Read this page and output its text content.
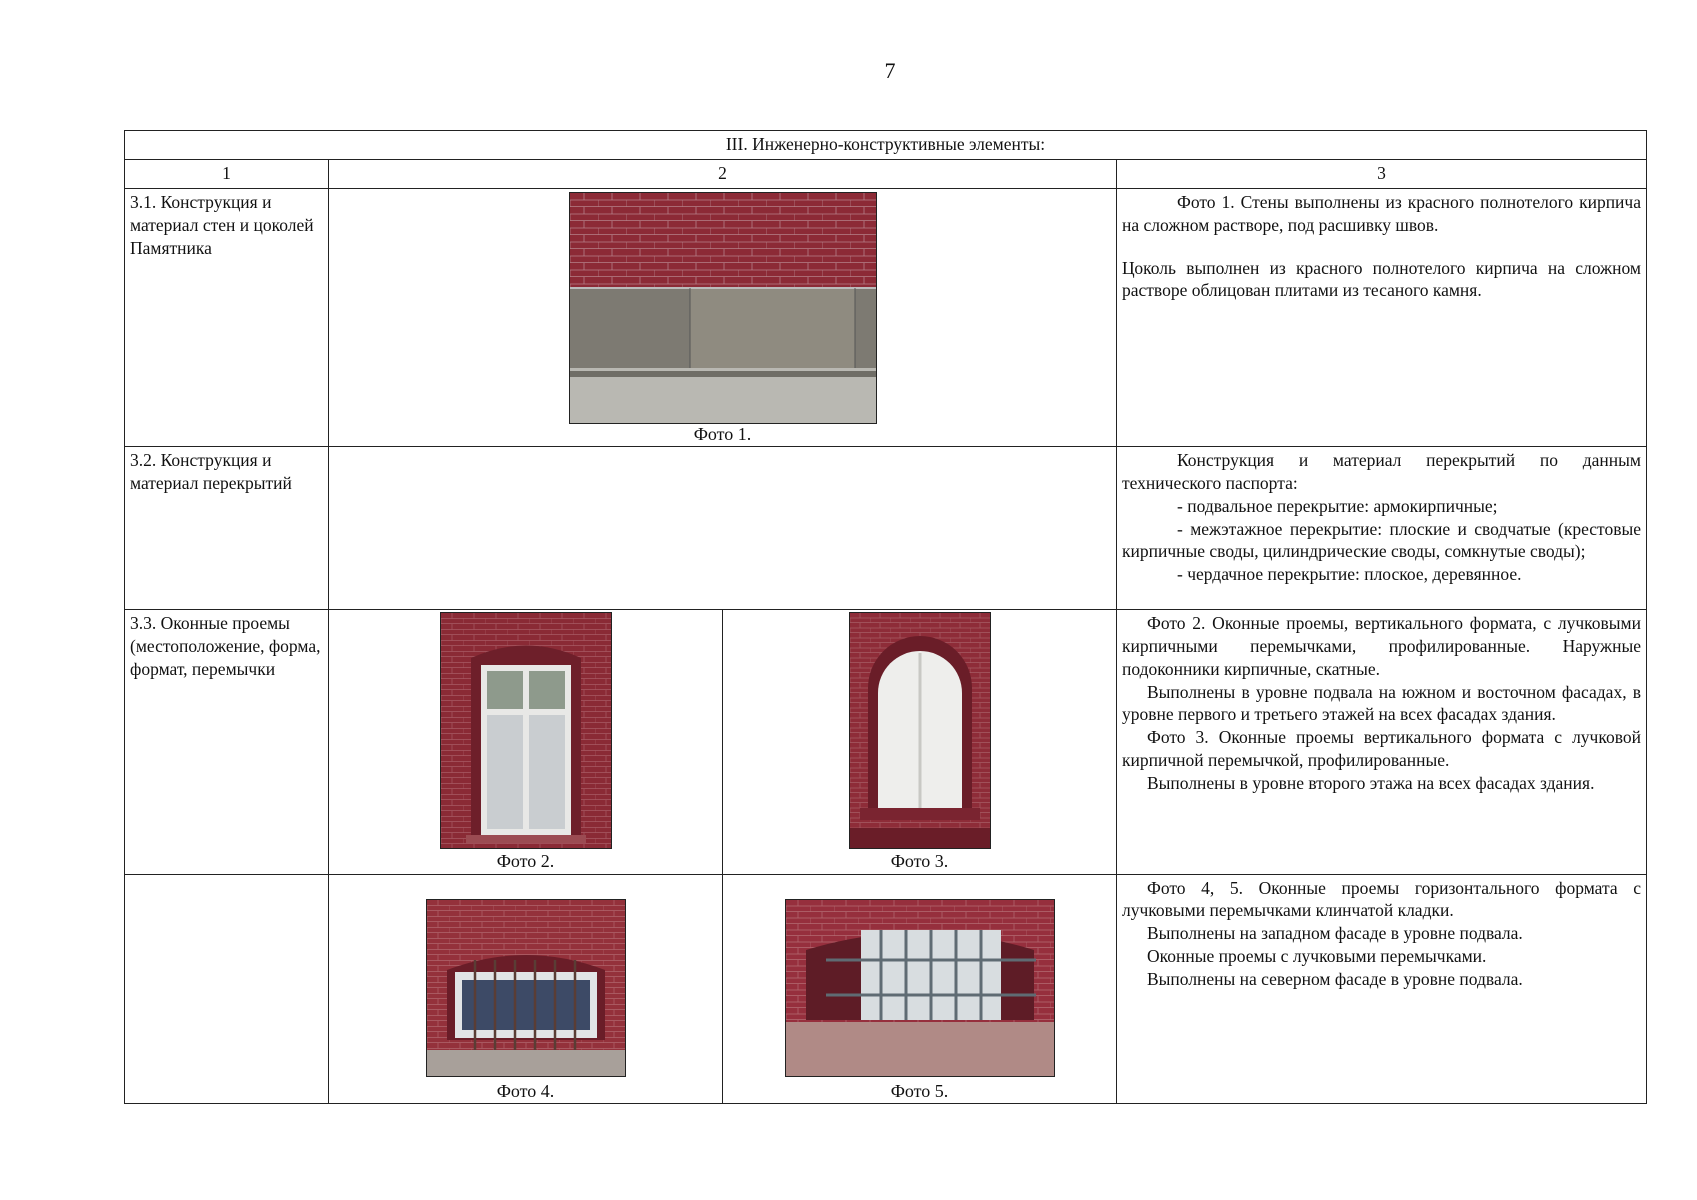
7
III. Инженерно-конструктивные элементы:			
1	2		3
3.1. Конструкция и материал стен и цоколей Памятника	Фото 1.		Фото 1. Стены выполнены из красного полнотелого кирпича на сложном растворе, под расшивку швов.

Цоколь выполнен из красного полнотелого кирпича на сложном растворе облицован плитами из тесаного камня.

3.2. Конструкция и материал перекрытий			Конструкция и материал перекрытий по данным технического паспорта:

- подвальное перекрытие: армокирпичные;

- межэтажное перекрытие: плоские и сводчатые (крестовые кирпичные своды, цилиндрические своды, сомкнутые своды);

- чердачное перекрытие: плоское, деревянное.

3.3. Оконные проемы (местоположение, форма, формат, перемычки	Фото 2.	Фото 3.	Фото 2. Оконные проемы, вертикального формата, с лучковыми кирпичными перемычками, профилированные. Наружные подоконники кирпичные, скатные.

Выполнены в уровне подвала на южном и восточном фасадах, в уровне первого и третьего этажей на всех фасадах здания.

Фото 3. Оконные проемы вертикального формата с лучковой кирпичной перемычкой, профилированные.

Выполнены в уровне второго этажа на всех фасадах здания.

	Фото 4.	Фото 5.	Фото 4, 5. Оконные проемы горизонтального формата с лучковыми перемычками клинчатой кладки.

Выполнены на западном фасаде в уровне подвала.

Оконные проемы с лучковыми перемычками.

Выполнены на северном фасаде в уровне подвала.
